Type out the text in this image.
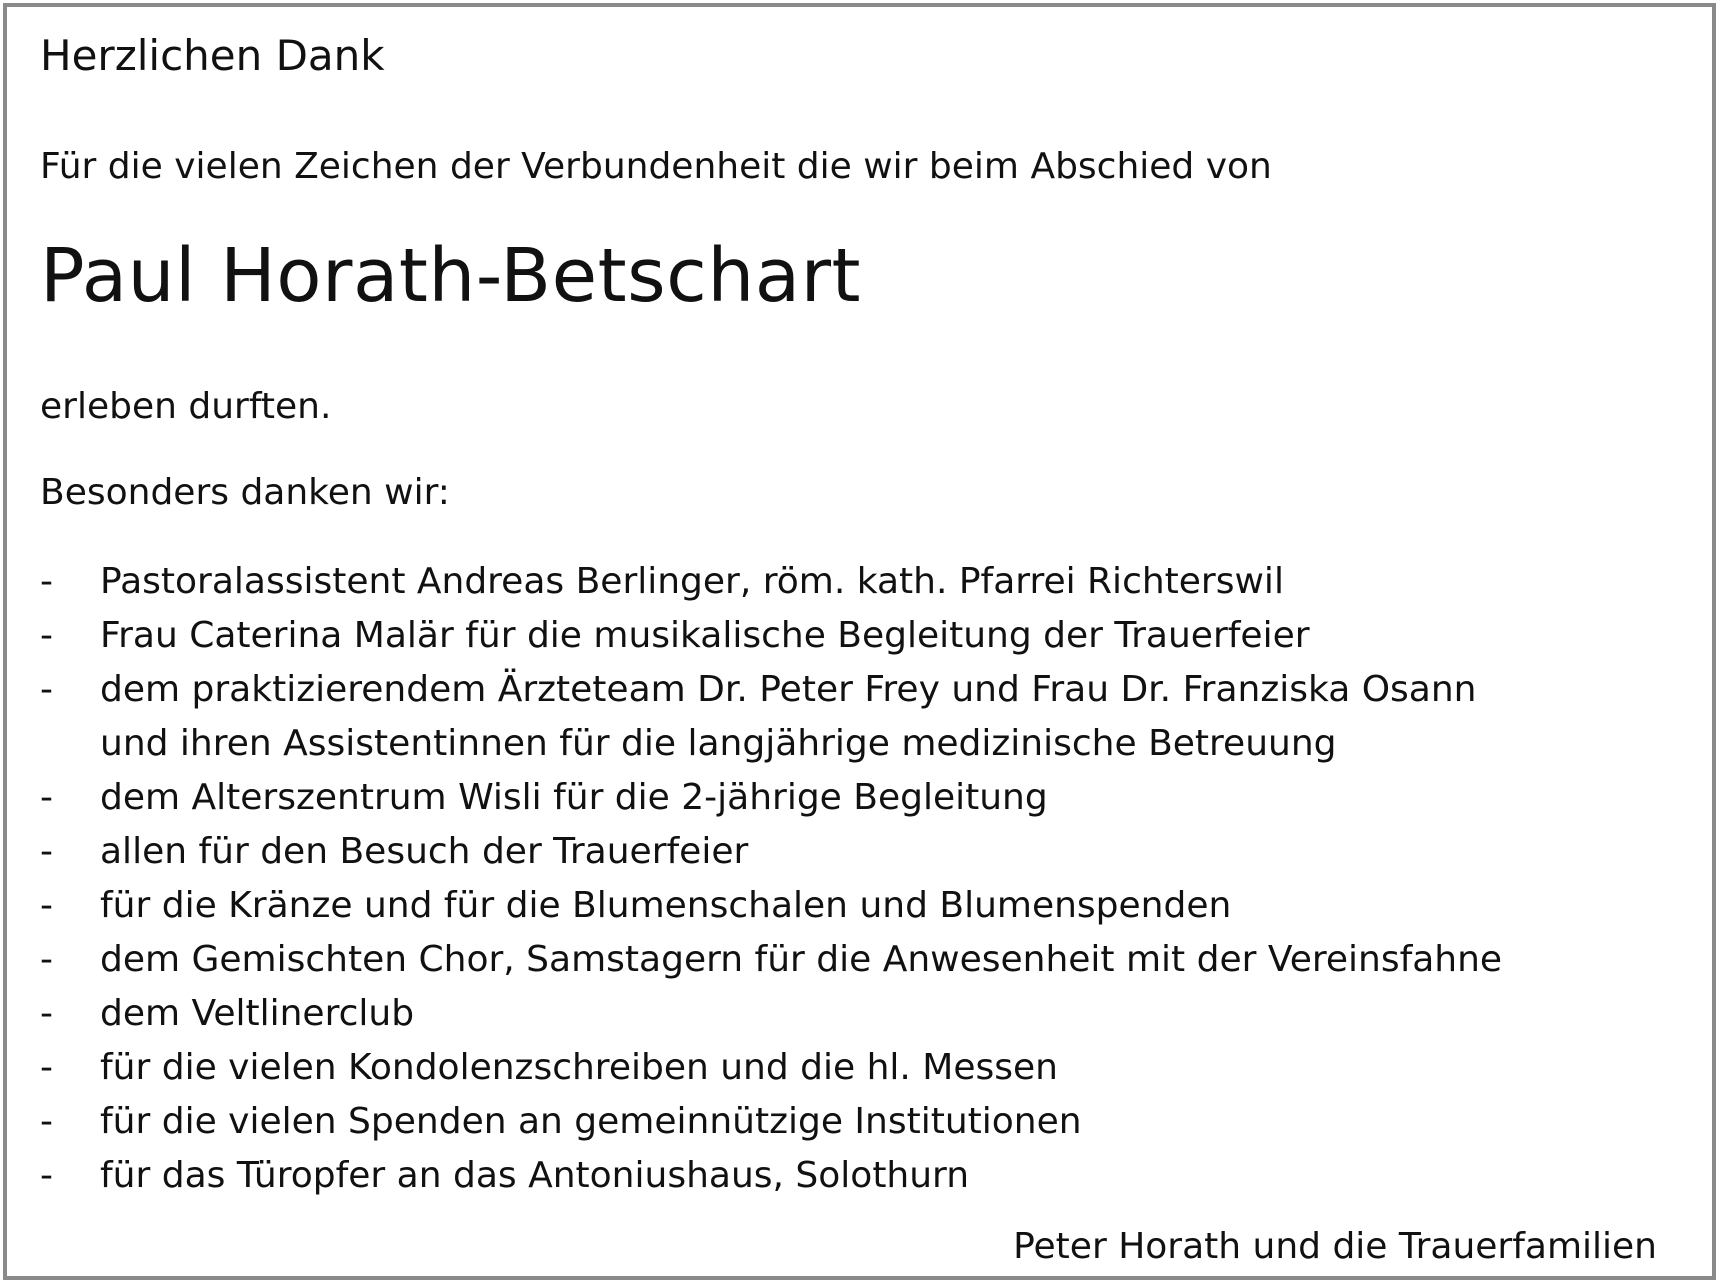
Herzlichen Dank
Für die vielen Zeichen der Verbundenheit die wir beim Abschied von
Paul Horath-Betschart
erleben durften.
Besonders danken wir:
- Pastoralassistent Andreas Berlinger, röm. kath. Pfarrei Richterswil
- Frau Caterina Malär für die musikalische Begleitung der Trauerfeier
- dem praktizierendem Ärzteteam Dr. Peter Frey und Frau Dr. Franziska Osann
und ihren Assistentinnen für die langjährige medizinische Betreuung
- dem Alterszentrum Wisli für die 2-jährige Begleitung
- allen für den Besuch der Trauerfeier
- für die Kränze und für die Blumenschalen und Blumenspenden
- dem Gemischten Chor, Samstagern für die Anwesenheit mit der Vereinsfahne
- dem Veltlinerclub
- für die vielen Kondolenzschreiben und die hl. Messen
- für die vielen Spenden an gemeinnützige Institutionen
- für das Türopfer an das Antoniushaus, Solothurn
Peter Horath und die Trauerfamilien
